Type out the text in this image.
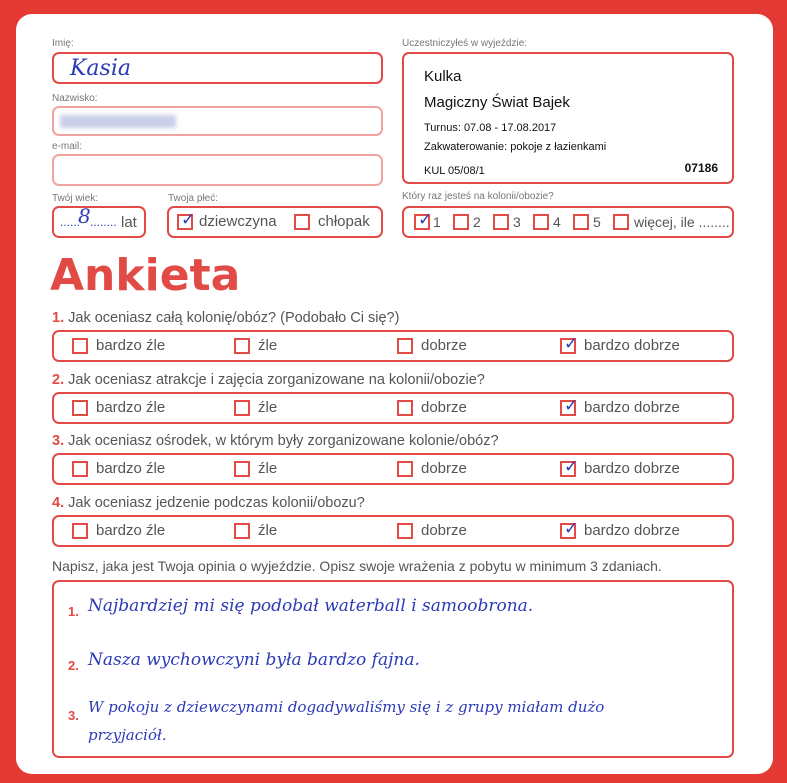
Imię:
Kasia
Nazwisko:
e-mail:
Twój wiek:
......
8 ........ lat
Twoja płeć:
✓ dziewczyna	chłopak
Uczestniczyłeś w wyjeździe:
Kulka
Magiczny Świat Bajek
Turnus: 07.08 - 17.08.2017
Zakwaterowanie: pokoje z łazienkami
KUL 05/08/1	07186
Który raz jesteś na kolonii/obozie?
✓ 1 2 3 4 5 więcej, ile ........
Ankieta
1. Jak oceniasz całą kolonię/obóz? (Podobało Ci się?)
bardzo źle	źle	dobrze	✓ bardzo dobrze
2. Jak oceniasz atrakcje i zajęcia zorganizowane na kolonii/obozie?
bardzo źle	źle	dobrze	✓ bardzo dobrze
3. Jak oceniasz ośrodek, w którym były zorganizowane kolonie/obóz?
bardzo źle	źle	dobrze	✓ bardzo dobrze
4. Jak oceniasz jedzenie podczas kolonii/obozu?
bardzo źle	źle	dobrze	✓ bardzo dobrze
Napisz, jaka jest Twoja opinia o wyjeździe. Opisz swoje wrażenia z pobytu w minimum 3 zdaniach.
1. Najbardziej mi się podobał waterball i samoobrona.
2. Nasza wychowczyni była bardzo fajna.
3. W pokoju z dziewczynami dogadywaliśmy się i z grupy miałam dużo
przyjaciół.
